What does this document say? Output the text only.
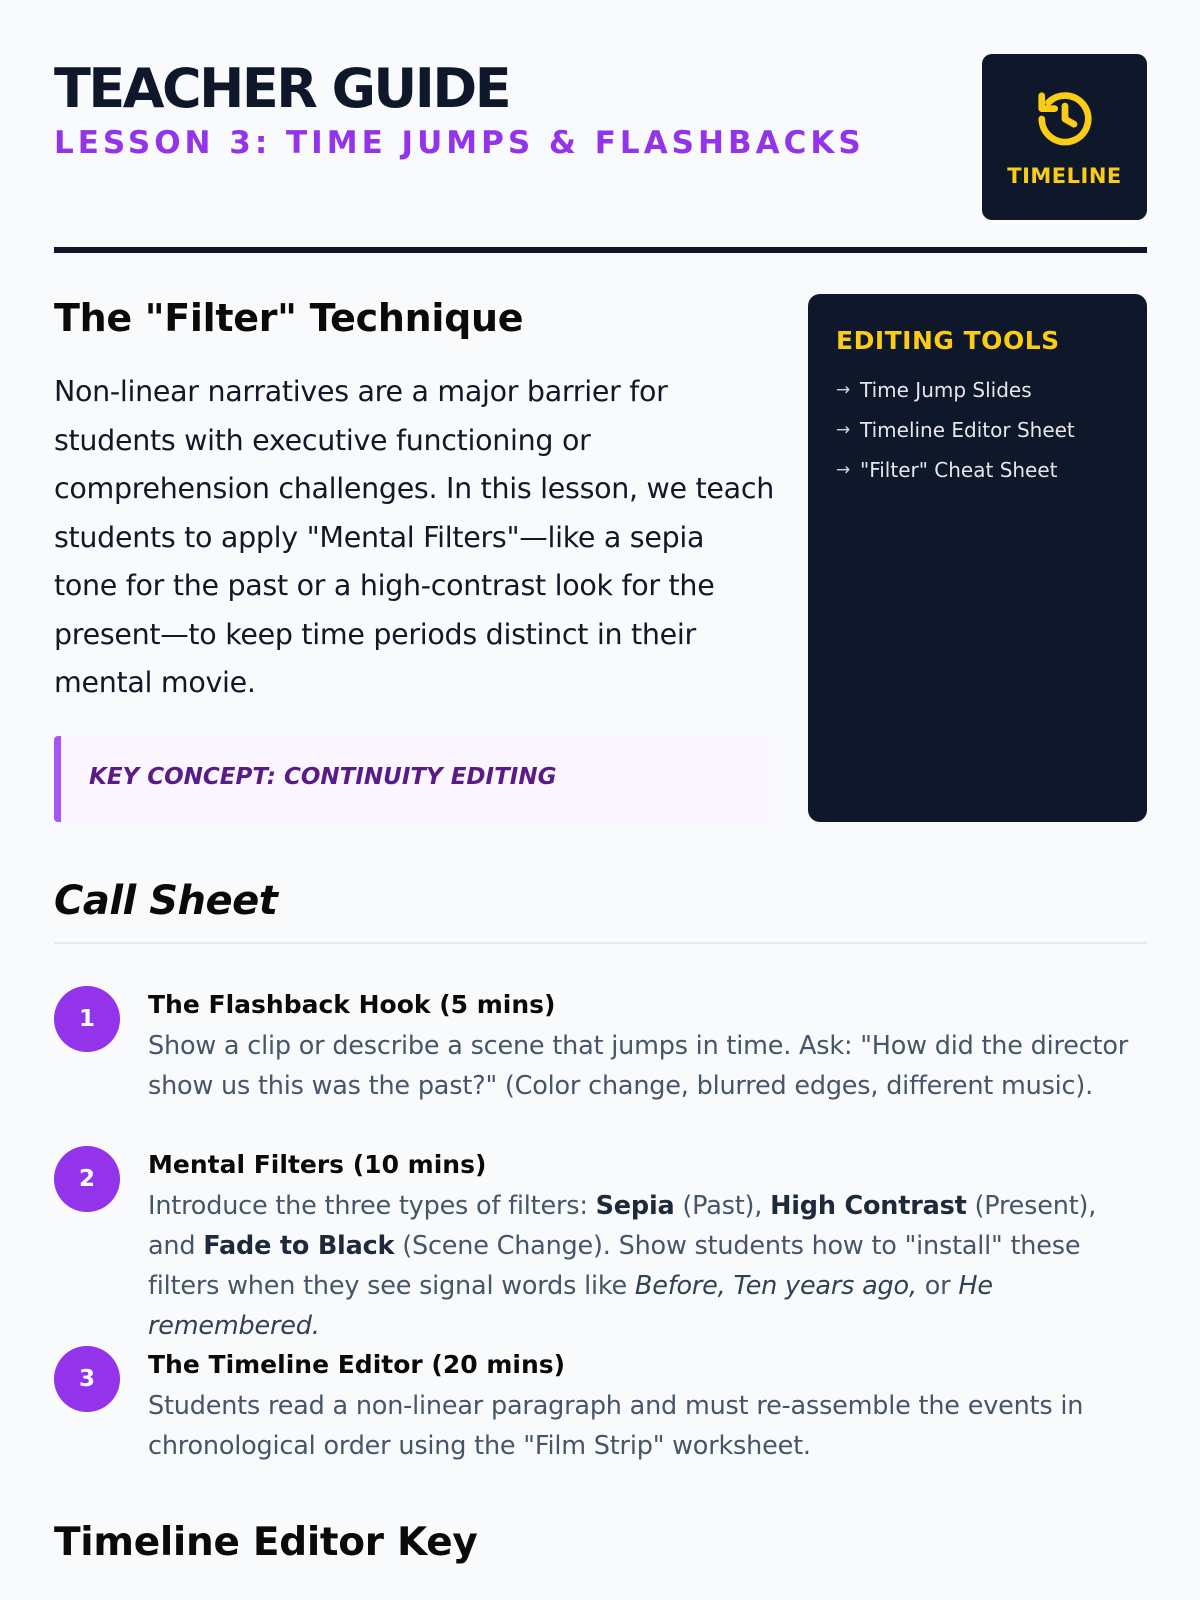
TEACHER GUIDE
LESSON 3: TIME JUMPS & FLASHBACKS
TIMELINE
The "Filter" Technique

Non-linear narratives are a major barrier for students with executive functioning or comprehension challenges. In this lesson, we teach students to apply "Mental Filters"—like a sepia tone for the past or a high-contrast look for the present—to keep time periods distinct in their mental movie.

KEY CONCEPT: CONTINUITY EDITING
EDITING TOOLS
→ Time Jump Slides
→ Timeline Editor Sheet
→ "Filter" Cheat Sheet
Call Sheet
1	The Flashback Hook (5 mins)
Show a clip or describe a scene that jumps in time. Ask: "How did the director show us this was the past?" (Color change, blurred edges, different music).
2	Mental Filters (10 mins)
Introduce the three types of filters: Sepia (Past), High Contrast (Present), and Fade to Black (Scene Change). Show students how to "install" these filters when they see signal words like Before, Ten years ago, or He remembered.
3	The Timeline Editor (20 mins)
Students read a non-linear paragraph and must re-assemble the events in chronological order using the "Film Strip" worksheet.
Timeline Editor Key
